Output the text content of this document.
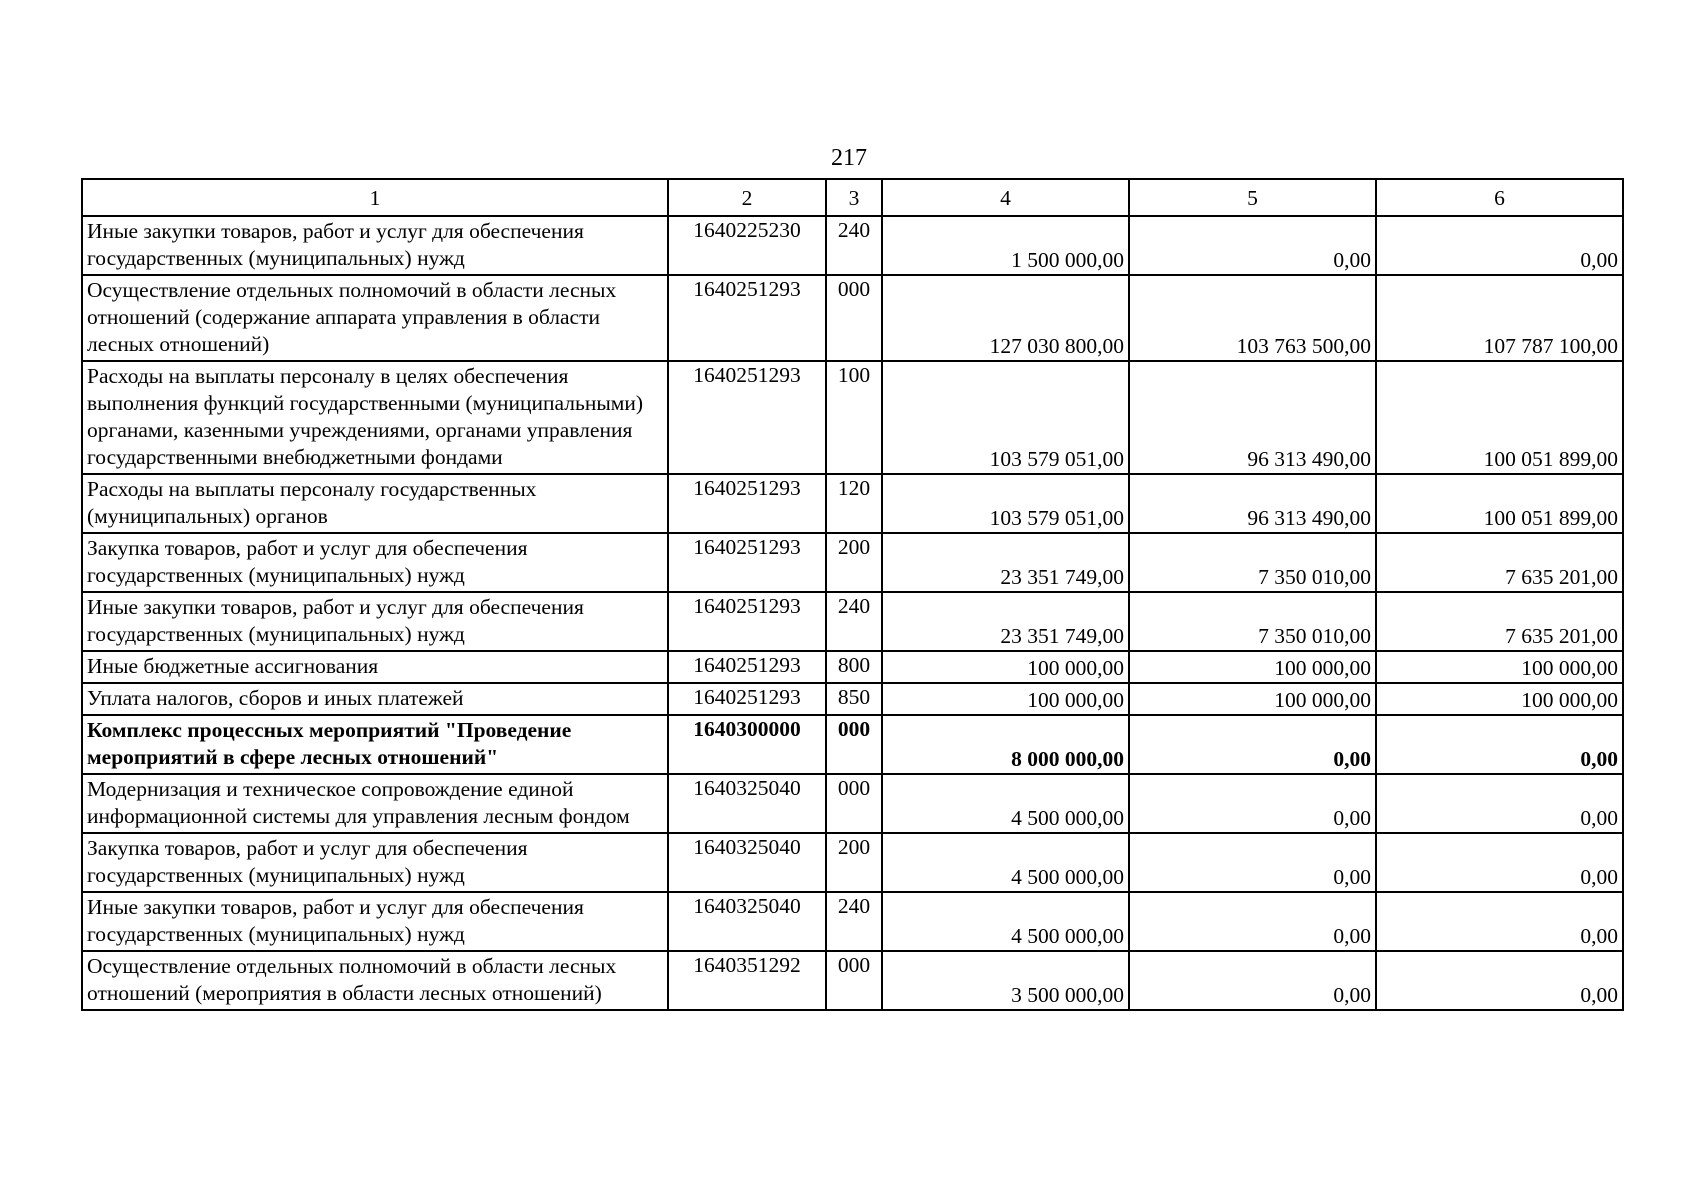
217
1	2	3	4	5	6
Иные закупки товаров, работ и услуг для обеспечения государственных (муниципальных) нужд	1640225230	240	1 500 000,00	0,00	0,00
Осуществление отдельных полномочий в области лесных отношений (содержание аппарата управления в области лесных отношений)	1640251293	000	127 030 800,00	103 763 500,00	107 787 100,00
Расходы на выплаты персоналу в целях обеспечения выполнения функций государственными (муниципальными) органами, казенными учреждениями, органами управления государственными внебюджетными фондами	1640251293	100	103 579 051,00	96 313 490,00	100 051 899,00
Расходы на выплаты персоналу государственных (муниципальных) органов	1640251293	120	103 579 051,00	96 313 490,00	100 051 899,00
Закупка товаров, работ и услуг для обеспечения государственных (муниципальных) нужд	1640251293	200	23 351 749,00	7 350 010,00	7 635 201,00
Иные закупки товаров, работ и услуг для обеспечения государственных (муниципальных) нужд	1640251293	240	23 351 749,00	7 350 010,00	7 635 201,00
Иные бюджетные ассигнования	1640251293	800	100 000,00	100 000,00	100 000,00
Уплата налогов, сборов и иных платежей	1640251293	850	100 000,00	100 000,00	100 000,00
Комплекс процессных мероприятий "Проведение мероприятий в сфере лесных отношений"	1640300000	000	8 000 000,00	0,00	0,00
Модернизация и техническое сопровождение единой информационной системы для управления лесным фондом	1640325040	000	4 500 000,00	0,00	0,00
Закупка товаров, работ и услуг для обеспечения государственных (муниципальных) нужд	1640325040	200	4 500 000,00	0,00	0,00
Иные закупки товаров, работ и услуг для обеспечения государственных (муниципальных) нужд	1640325040	240	4 500 000,00	0,00	0,00
Осуществление отдельных полномочий в области лесных отношений (мероприятия в области лесных отношений)	1640351292	000	3 500 000,00	0,00	0,00
